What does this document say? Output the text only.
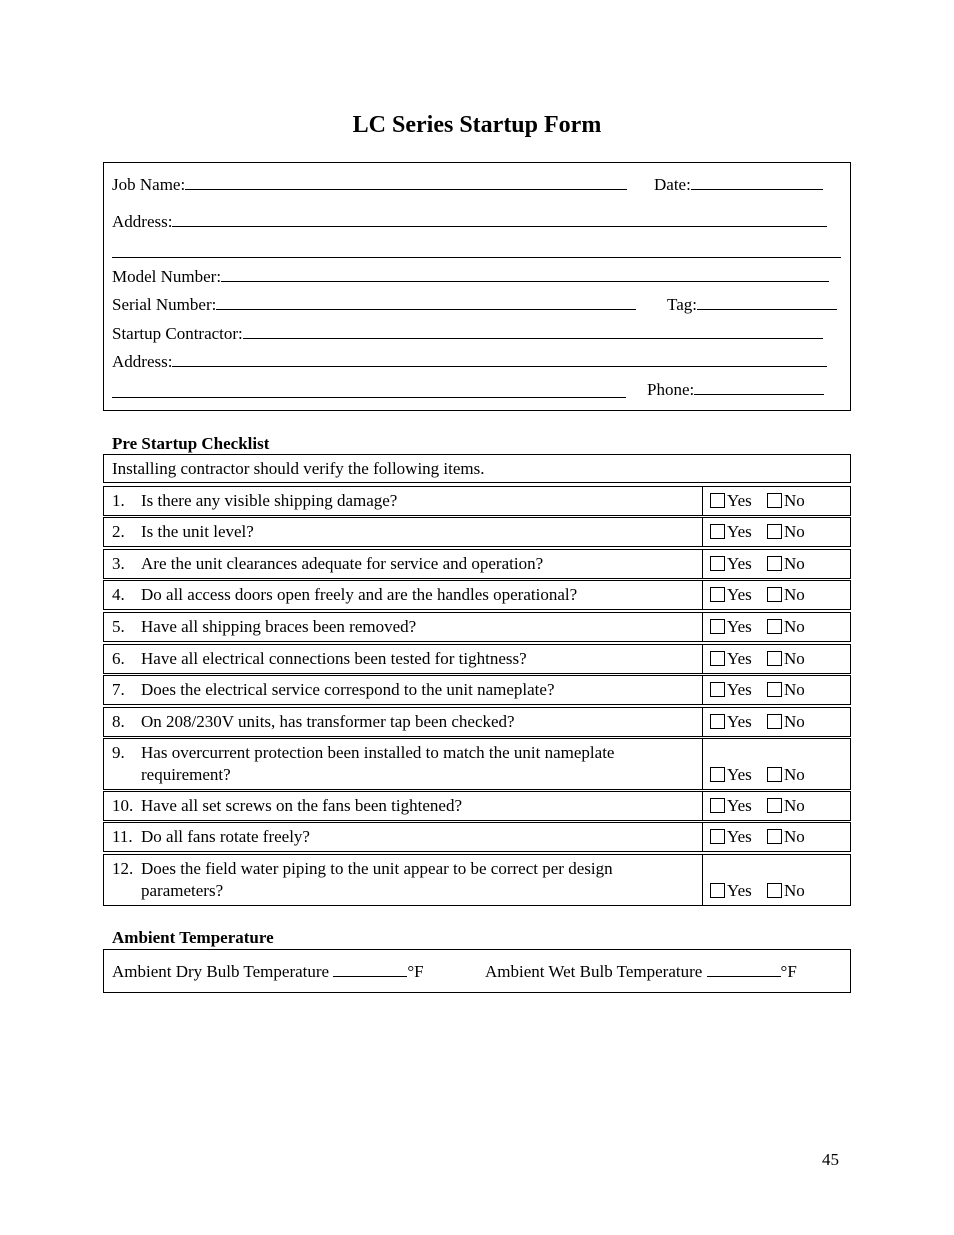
LC Series Startup Form
Job Name:	Date:
Address:
Model Number:
Serial Number:	Tag:
Startup Contractor:
Address:
Phone:
Pre Startup Checklist
Installing contractor should verify the following items.
1. Is there any visible shipping damage?	Yes	No
2. Is the unit level?	Yes	No
3. Are the unit clearances adequate for service and operation?	Yes	No
4. Do all access doors open freely and are the handles operational?	Yes	No
5. Have all shipping braces been removed?	Yes	No
6. Have all electrical connections been tested for tightness?	Yes	No
7. Does the electrical service correspond to the unit nameplate?	Yes	No
8. On 208/230V units, has transformer tap been checked?	Yes	No
9. Has overcurrent protection been installed to match the unit nameplate requirement?	Yes	No
10. Have all set screws on the fans been tightened?	Yes	No
11. Do all fans rotate freely?	Yes	No
12. Does the field water piping to the unit appear to be correct per design parameters?	Yes	No
Ambient Temperature
Ambient Dry Bulb Temperature	°F	Ambient Wet Bulb Temperature	°F
45
